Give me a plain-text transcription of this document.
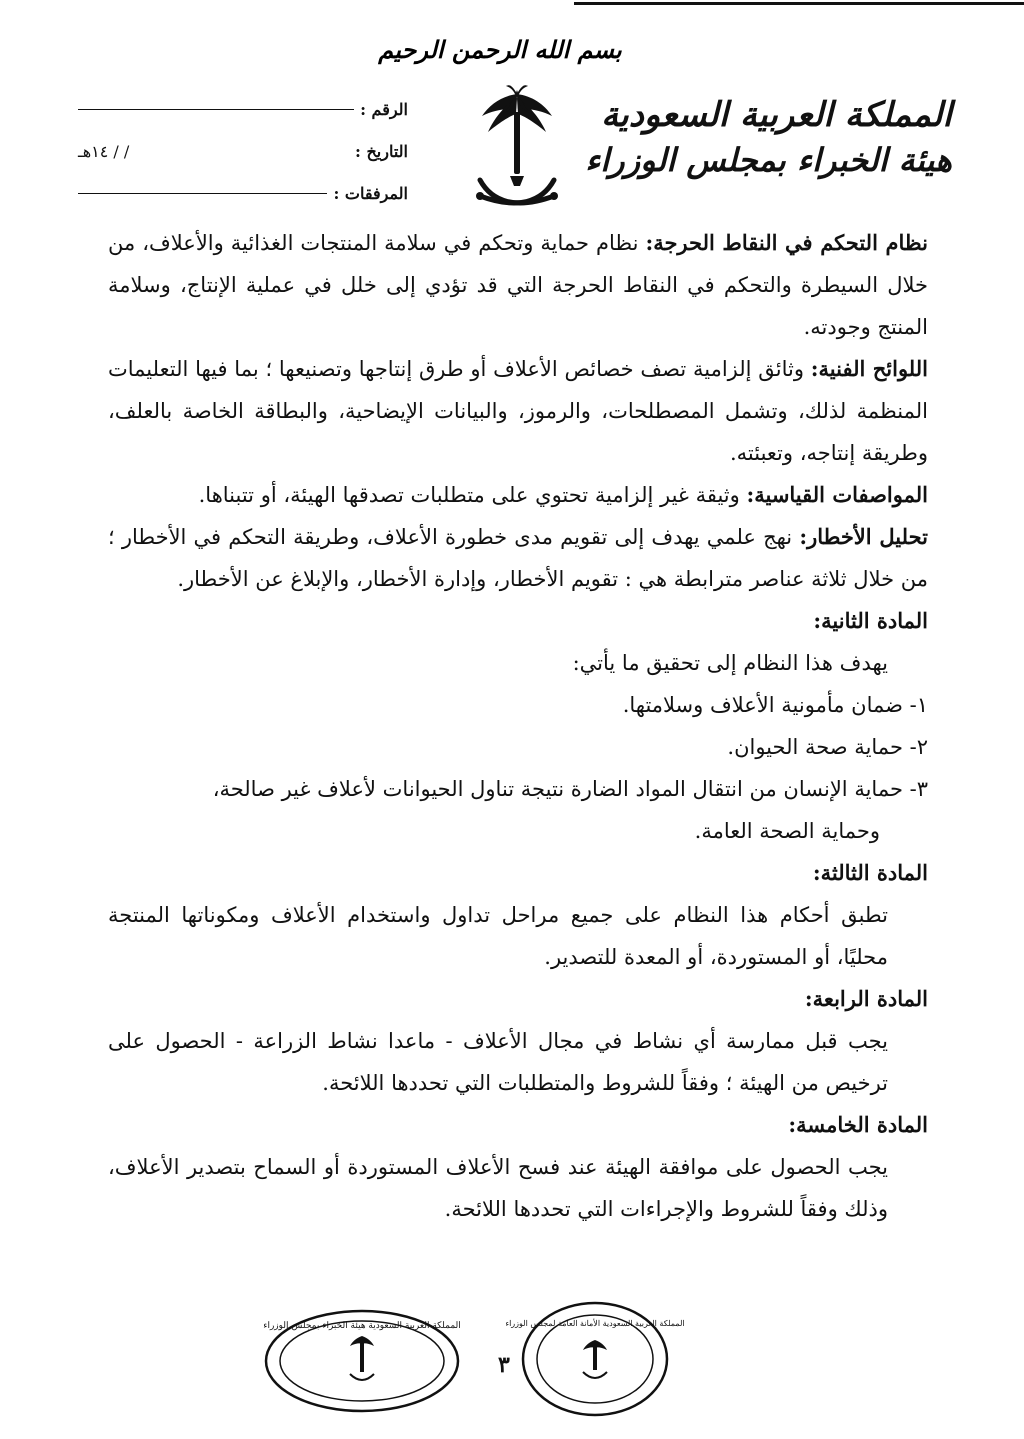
بسم الله الرحمن الرحيم
المملكة العربية السعودية
هيئة الخبراء بمجلس الوزراء
الرقم :
التاريخ :
/ / ١٤هـ
المرفقات :

نظام التحكم في النقاط الحرجة: نظام حماية وتحكم في سلامة المنتجات الغذائية والأعلاف، من خلال السيطرة والتحكم في النقاط الحرجة التي قد تؤدي إلى خلل في عملية الإنتاج، وسلامة المنتج وجودته.

اللوائح الفنية: وثائق إلزامية تصف خصائص الأعلاف أو طرق إنتاجها وتصنيعها ؛ بما فيها التعليمات المنظمة لذلك، وتشمل المصطلحات، والرموز، والبيانات الإيضاحية، والبطاقة الخاصة بالعلف، وطريقة إنتاجه، وتعبئته.

المواصفات القياسية: وثيقة غير إلزامية تحتوي على متطلبات تصدقها الهيئة، أو تتبناها.

تحليل الأخطار: نهج علمي يهدف إلى تقويم مدى خطورة الأعلاف، وطريقة التحكم في الأخطار ؛ من خلال ثلاثة عناصر مترابطة هي : تقويم الأخطار، وإدارة الأخطار، والإبلاغ عن الأخطار.

المادة الثانية:

يهدف هذا النظام إلى تحقيق ما يأتي:

١- ضمان مأمونية الأعلاف وسلامتها.

٢- حماية صحة الحيوان.

٣- حماية الإنسان من انتقال المواد الضارة نتيجة تناول الحيوانات لأعلاف غير صالحة،

وحماية الصحة العامة.

المادة الثالثة:

تطبق أحكام هذا النظام على جميع مراحل تداول واستخدام الأعلاف ومكوناتها المنتجة محليًا، أو المستوردة، أو المعدة للتصدير.

المادة الرابعة:

يجب قبل ممارسة أي نشاط في مجال الأعلاف - ماعدا نشاط الزراعة - الحصول على ترخيص من الهيئة ؛ وفقاً للشروط والمتطلبات التي تحددها اللائحة.

المادة الخامسة:

يجب الحصول على موافقة الهيئة عند فسح الأعلاف المستوردة أو السماح بتصدير الأعلاف، وذلك وفقاً للشروط والإجراءات التي تحددها اللائحة.

٣
المملكة العربية السعودية هيئة الخبراء بمجلس الوزراء	المملكة العربية السعودية الأمانة العامة لمجلس الوزراء
